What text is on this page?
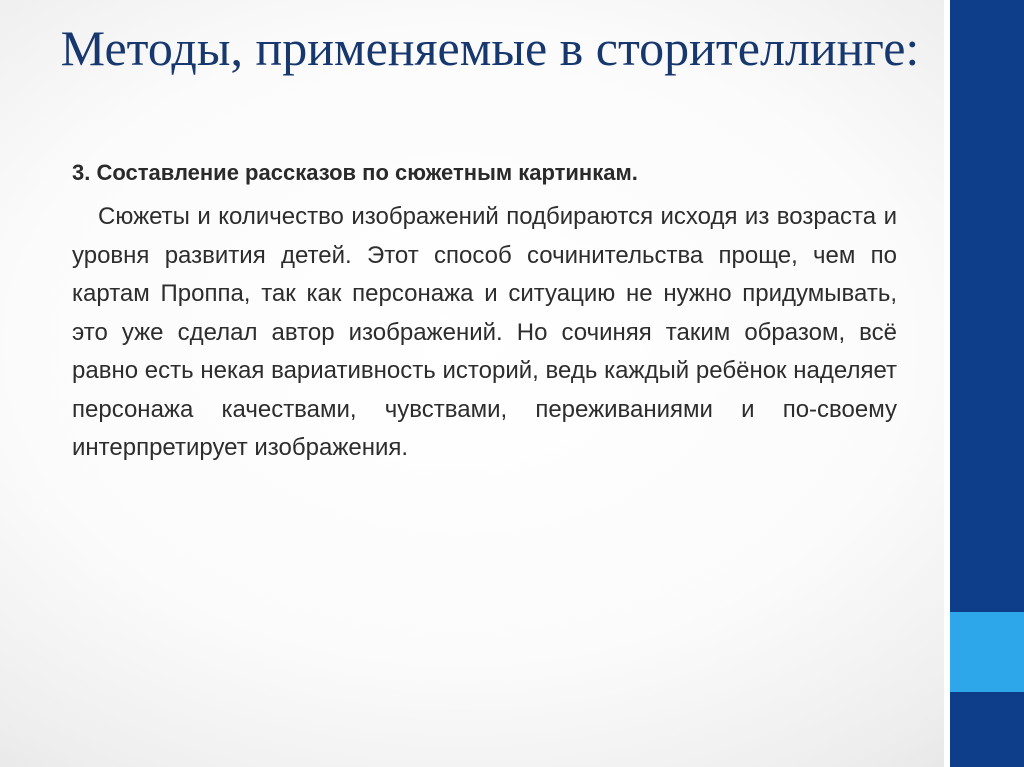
Методы, применяемые в сторителлинге:

3. Составление рассказов по сюжетным картинкам.

Сюжеты и количество изображений подбираются исходя из возраста и уровня развития детей. Этот способ сочинительства проще, чем по картам Проппа, так как персонажа и ситуацию не нужно придумывать, это уже сделал автор изображений. Но сочиняя таким образом, всё равно есть некая вариативность историй, ведь каждый ребёнок наделяет персонажа качествами, чувствами, переживаниями и по-своему интерпретирует изображения.
